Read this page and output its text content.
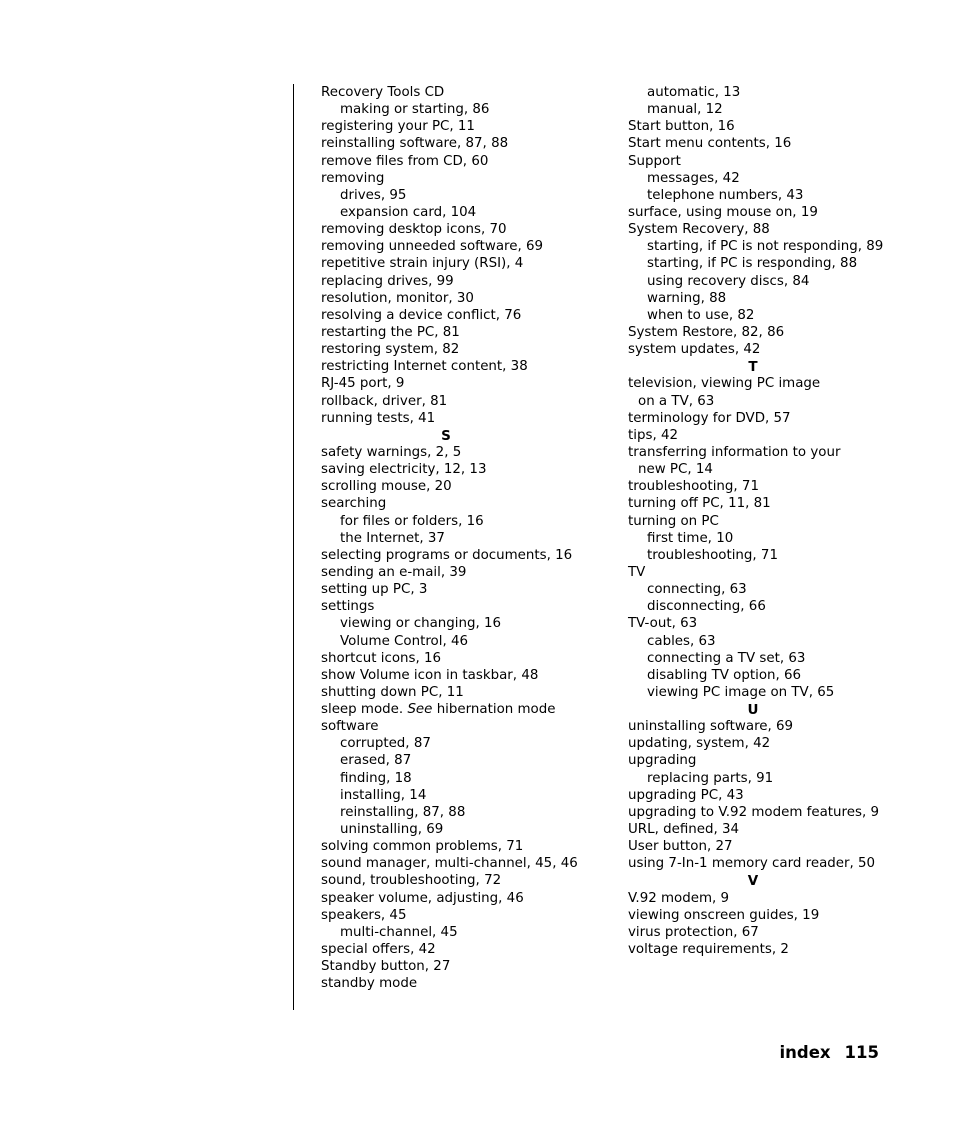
Recovery Tools CD
making or starting, 86
registering your PC, 11
reinstalling software, 87, 88
remove files from CD, 60
removing
drives, 95
expansion card, 104
removing desktop icons, 70
removing unneeded software, 69
repetitive strain injury (RSI), 4
replacing drives, 99
resolution, monitor, 30
resolving a device conflict, 76
restarting the PC, 81
restoring system, 82
restricting Internet content, 38
RJ-45 port, 9
rollback, driver, 81
running tests, 41
S
safety warnings, 2, 5
saving electricity, 12, 13
scrolling mouse, 20
searching
for files or folders, 16
the Internet, 37
selecting programs or documents, 16
sending an e-mail, 39
setting up PC, 3
settings
viewing or changing, 16
Volume Control, 46
shortcut icons, 16
show Volume icon in taskbar, 48
shutting down PC, 11
sleep mode. See hibernation mode
software
corrupted, 87
erased, 87
finding, 18
installing, 14
reinstalling, 87, 88
uninstalling, 69
solving common problems, 71
sound manager, multi-channel, 45, 46
sound, troubleshooting, 72
speaker volume, adjusting, 46
speakers, 45
multi-channel, 45
special offers, 42
Standby button, 27
standby mode
automatic, 13
manual, 12
Start button, 16
Start menu contents, 16
Support
messages, 42
telephone numbers, 43
surface, using mouse on, 19
System Recovery, 88
starting, if PC is not responding, 89
starting, if PC is responding, 88
using recovery discs, 84
warning, 88
when to use, 82
System Restore, 82, 86
system updates, 42
T
television, viewing PC image
on a TV, 63
terminology for DVD, 57
tips, 42
transferring information to your
new PC, 14
troubleshooting, 71
turning off PC, 11, 81
turning on PC
first time, 10
troubleshooting, 71
TV
connecting, 63
disconnecting, 66
TV-out, 63
cables, 63
connecting a TV set, 63
disabling TV option, 66
viewing PC image on TV, 65
U
uninstalling software, 69
updating, system, 42
upgrading
replacing parts, 91
upgrading PC, 43
upgrading to V.92 modem features, 9
URL, defined, 34
User button, 27
using 7-In-1 memory card reader, 50
V
V.92 modem, 9
viewing onscreen guides, 19
virus protection, 67
voltage requirements, 2
index 115
